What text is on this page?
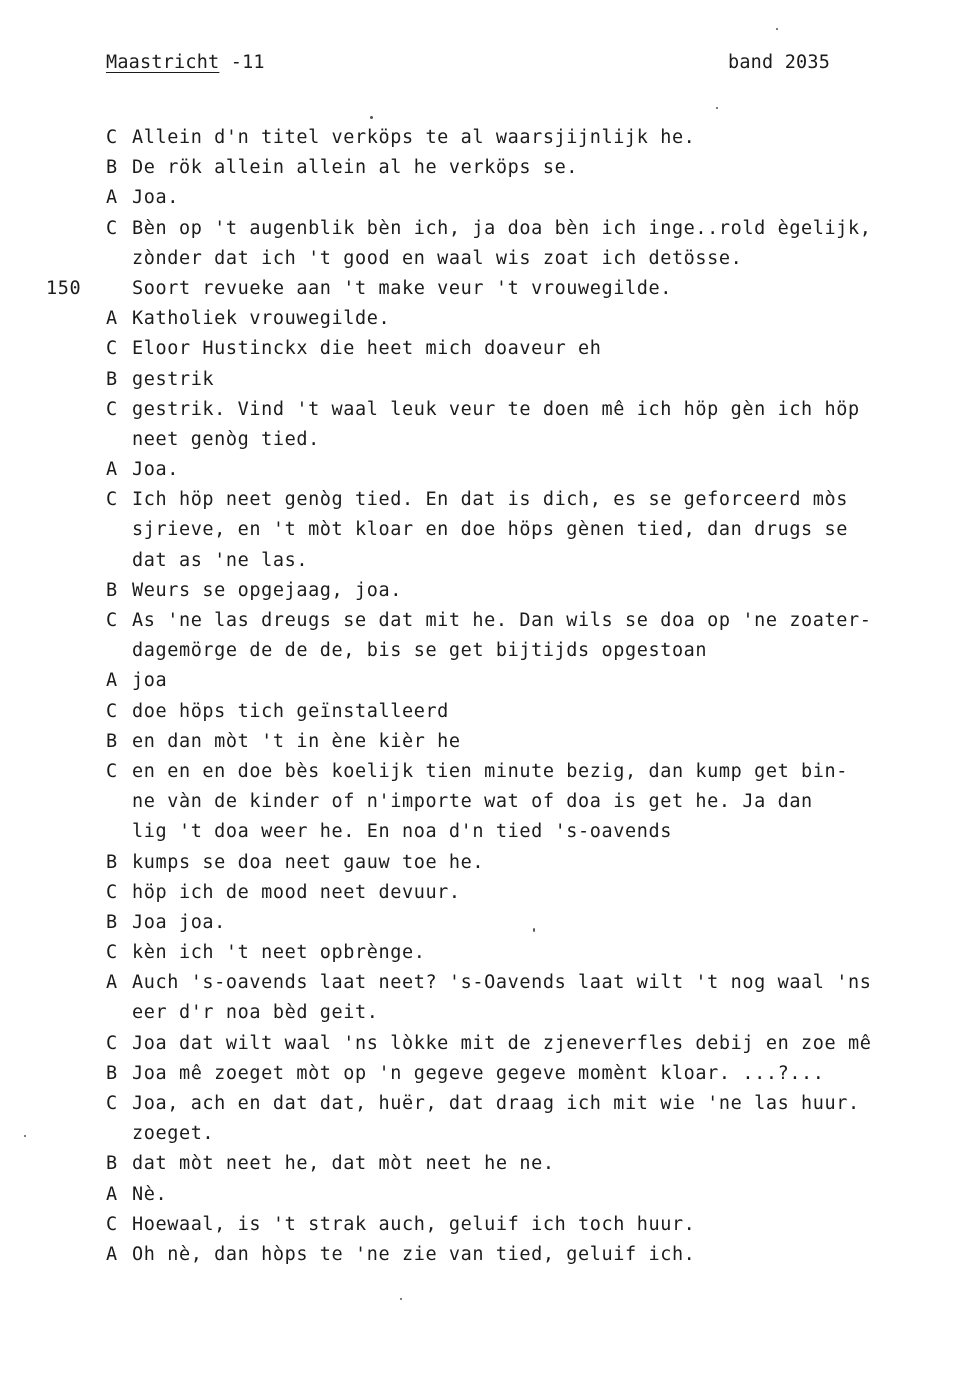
Maastricht -11	band 2035
C Allein d'n titel verköps te al waarsjijnlijk he.
B De rök allein allein al he verköps se.
A Joa.
C Bèn op 't augenblik bèn ich, ja doa bèn ich inge..rold ègelijk,
zònder dat ich 't good en waal wis zoat ich detösse.
150	Soort revueke aan 't make veur 't vrouwegilde.
A Katholiek vrouwegilde.
C Eloor Hustinckx die heet mich doaveur eh
B gestrik
C gestrik. Vind 't waal leuk veur te doen mê ich höp gèn ich höp
neet genòg tied.
A Joa.
C Ich höp neet genòg tied. En dat is dich, es se geforceerd mòs
sjrieve, en 't mòt kloar en doe höps gènen tied, dan drugs se
dat as 'ne las.
B Weurs se opgejaag, joa.
C As 'ne las dreugs se dat mit he. Dan wils se doa op 'ne zoater-
dagemörge de de de, bis se get bijtijds opgestoan
A joa
C doe höps tich geïnstalleerd
B en dan mòt 't in ène kièr he
C en en en doe bès koelijk tien minute bezig, dan kump get bin-
ne vàn de kinder of n'importe wat of doa is get he. Ja dan
lig 't doa weer he. En noa d'n tied 's-oavends
B kumps se doa neet gauw toe he.
C höp ich de mood neet devuur.
B Joa joa.
C kèn ich 't neet opbrènge.
A Auch 's-oavends laat neet? 's-Oavends laat wilt 't nog waal 'ns
eer d'r noa bèd geit.
C Joa dat wilt waal 'ns lòkke mit de zjeneverfles debij en zoe mê
B Joa mê zoeget mòt op 'n gegeve gegeve momènt kloar. ...?...
C Joa, ach en dat dat, huër, dat draag ich mit wie 'ne las huur.
zoeget.
B dat mòt neet he, dat mòt neet he ne.
A Nè.
C Hoewaal, is 't strak auch, geluif ich toch huur.
A Oh nè, dan hòps te 'ne zie van tied, geluif ich.
